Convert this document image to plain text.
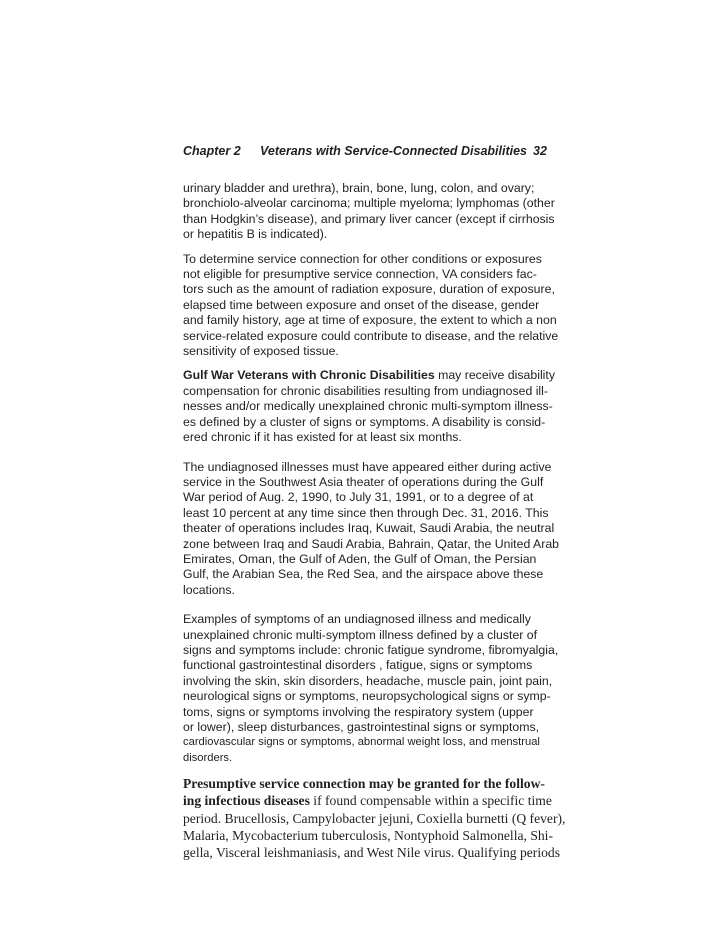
Chapter 2 Veterans with Service-Connected Disabilities 32

urinary bladder and urethra), brain, bone, lung, colon, and ovary;
bronchiolo-alveolar carcinoma; multiple myeloma; lymphomas (other
than Hodgkin’s disease), and primary liver cancer (except if cirrhosis
or hepatitis B is indicated).

To determine service connection for other conditions or exposures
not eligible for presumptive service connection, VA considers fac-
tors such as the amount of radiation exposure, duration of exposure,
elapsed time between exposure and onset of the disease, gender
and family history, age at time of exposure, the extent to which a non
service-related exposure could contribute to disease, and the relative
sensitivity of exposed tissue.

Gulf War Veterans with Chronic Disabilities may receive disability
compensation for chronic disabilities resulting from undiagnosed ill-
nesses and/or medically unexplained chronic multi-symptom illness-
es defined by a cluster of signs or symptoms. A disability is consid-
ered chronic if it has existed for at least six months.

The undiagnosed illnesses must have appeared either during active
service in the Southwest Asia theater of operations during the Gulf
War period of Aug. 2, 1990, to July 31, 1991, or to a degree of at
least 10 percent at any time since then through Dec. 31, 2016. This
theater of operations includes Iraq, Kuwait, Saudi Arabia, the neutral
zone between Iraq and Saudi Arabia, Bahrain, Qatar, the United Arab
Emirates, Oman, the Gulf of Aden, the Gulf of Oman, the Persian
Gulf, the Arabian Sea, the Red Sea, and the airspace above these
locations.

Examples of symptoms of an undiagnosed illness and medically
unexplained chronic multi-symptom illness defined by a cluster of
signs and symptoms include: chronic fatigue syndrome, fibromyalgia,
functional gastrointestinal disorders , fatigue, signs or symptoms
involving the skin, skin disorders, headache, muscle pain, joint pain,
neurological signs or symptoms, neuropsychological signs or symp-
toms, signs or symptoms involving the respiratory system (upper
or lower), sleep disturbances, gastrointestinal signs or symptoms,

cardiovascular signs or symptoms, abnormal weight loss, and menstrual
disorders.

Presumptive service connection may be granted for the follow-
ing infectious diseases if found compensable within a specific time
period. Brucellosis, Campylobacter jejuni, Coxiella burnetti (Q fever),
Malaria, Mycobacterium tuberculosis, Nontyphoid Salmonella, Shi-
gella, Visceral leishmaniasis, and West Nile virus. Qualifying periods
